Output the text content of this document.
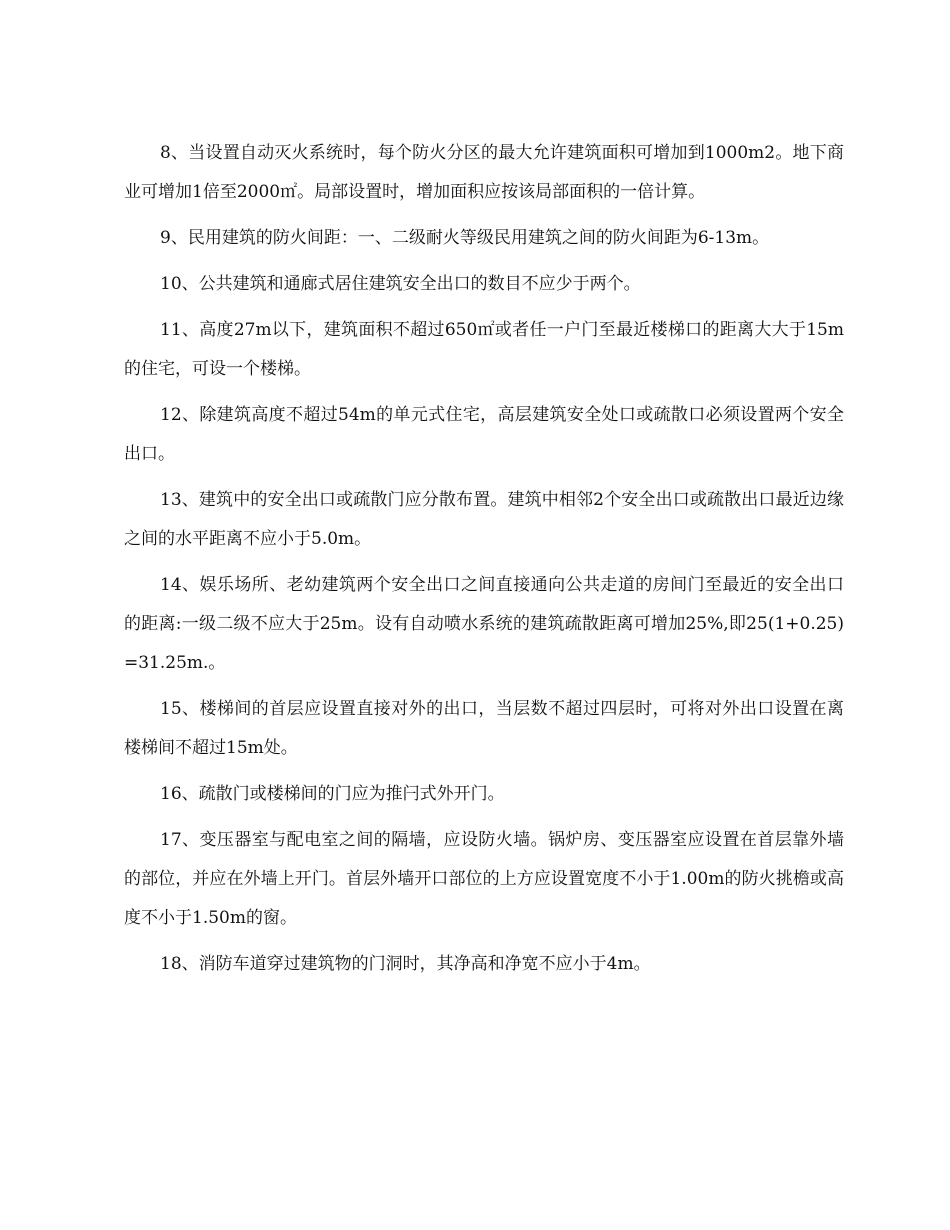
8、当设置自动灭火系统时，每个防火分区的最大允许建筑面积可增加到1000m2。地下商业可增加1倍至2000㎡。局部设置时，增加面积应按该局部面积的一倍计算。

9、民用建筑的防火间距：一、二级耐火等级民用建筑之间的防火间距为6-13m。

10、公共建筑和通廊式居住建筑安全出口的数目不应少于两个。

11、高度27m以下，建筑面积不超过650㎡或者任一户门至最近楼梯口的距离大大于15m的住宅，可设一个楼梯。

12、除建筑高度不超过54m的单元式住宅，高层建筑安全处口或疏散口必须设置两个安全出口。

13、建筑中的安全出口或疏散门应分散布置。建筑中相邻2个安全出口或疏散出口最近边缘之间的水平距离不应小于5.0m。

14、娱乐场所、老幼建筑两个安全出口之间直接通向公共走道的房间门至最近的安全出口的距离:一级二级不应大于25m。设有自动喷水系统的建筑疏散距离可增加25%,即25(1+0.25)=31.25m.。

15、楼梯间的首层应设置直接对外的出口，当层数不超过四层时，可将对外出口设置在离楼梯间不超过15m处。

16、疏散门或楼梯间的门应为推闩式外开门。

17、变压器室与配电室之间的隔墙，应设防火墙。锅炉房、变压器室应设置在首层靠外墙的部位，并应在外墙上开门。首层外墙开口部位的上方应设置宽度不小于1.00m的防火挑檐或高度不小于1.50m的窗。

18、消防车道穿过建筑物的门洞时，其净高和净宽不应小于4m。
